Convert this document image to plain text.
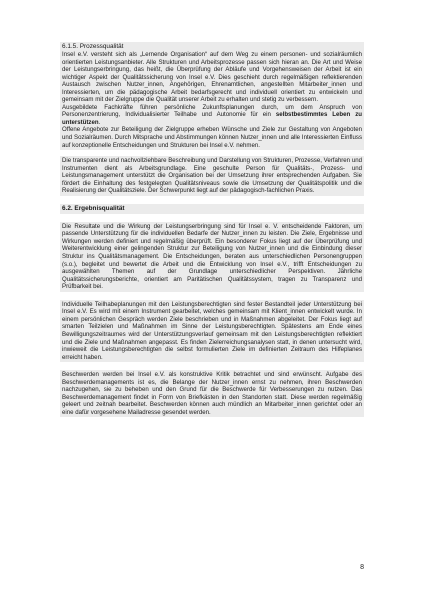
6.1.5. Prozessqualität

Insel e.V. versteht sich als „Lernende Organisation“ auf dem Weg zu einem personen- und sozialräumlich orientierten Leistungsanbieter. Alle Strukturen und Arbeitsprozesse passen sich hieran an. Die Art und Weise der Leistungserbringung, das heißt, die Überprüfung der Abläufe und Vorgehensweisen der Arbeit ist ein wichtiger Aspekt der Qualitätssicherung von Insel e.V. Dies geschieht durch regelmäßigen reflektierenden Austausch zwischen Nutzer_innen, Angehörigen, Ehrenamtlichen, angestellten Mitarbeiter_innen und Interessierten, um die pädagogische Arbeit bedarfsgerecht und individuell orientiert zu entwickeln und gemeinsam mit der Zielgruppe die Qualität unserer Arbeit zu erhalten und stetig zu verbessern.

Ausgebildete Fachkräfte führen persönliche Zukunftsplanungen durch, um dem Anspruch von Personenzentrierung, Individualisierter Teilhabe und Autonomie für ein selbstbestimmtes Leben zu unterstützen.

Offene Angebote zur Beteiligung der Zielgruppe erheben Wünsche und Ziele zur Gestaltung von Angeboten und Sozialräumen. Durch Mitsprache und Abstimmungen können Nutzer_innen und alle Interessierten Einfluss auf konzeptionelle Entscheidungen und Strukturen bei Insel e.V. nehmen.

Die transparente und nachvollziehbare Beschreibung und Darstellung von Strukturen, Prozesse, Verfahren und Instrumenten dient als Arbeitsgrundlage. Eine geschulte Person für Qualitäts-, Prozess- und Leistungsmanagement unterstützt die Organisation bei der Umsetzung ihrer entsprechenden Aufgaben. Sie fördert die Einhaltung des festgelegten Qualitätsniveaus sowie die Umsetzung der Qualitätspolitik und die Realisierung der Qualitätsziele. Der Schwerpunkt liegt auf der pädagogisch-fachlichen Praxis.

6.2. Ergebnisqualität

Die Resultate und die Wirkung der Leistungserbringung sind für Insel e. V. entscheidende Faktoren, um passende Unterstützung für die individuellen Bedarfe der Nutzer_innen zu leisten. Die Ziele, Ergebnisse und Wirkungen werden definiert und regelmäßig überprüft. Ein besonderer Fokus liegt auf der Überprüfung und Weiterentwicklung einer gelingenden Struktur zur Beteiligung von Nutzer_innen und die Einbindung dieser Struktur ins Qualitätsmanagement. Die Entscheidungen, beraten aus unterschiedlichen Personengruppen (s.o.), begleitet und bewertet die Arbeit und die Entwicklung von Insel e.V., trifft Entscheidungen zu ausgewählten Themen auf der Grundlage unterschiedlicher Perspektiven. Jährliche Qualitätssicherungsberichte, orientiert am Paritätischen Qualitätssystem, tragen zu Transparenz und Prüfbarkeit bei.

Individuelle Teilhabeplanungen mit den Leistungsberechtigten sind fester Bestandteil jeder Unterstützung bei Insel e.V. Es wird mit einem Instrument gearbeitet, welches gemeinsam mit Klient_innen entwickelt wurde. In einem persönlichen Gespräch werden Ziele beschrieben und in Maßnahmen abgeleitet. Der Fokus liegt auf smarten Teilzielen und Maßnahmen im Sinne der Leistungsberechtigten. Spätestens am Ende eines Bewilligungszeitraumes wird der Unterstützungsverlauf gemeinsam mit den Leistungsberechtigten reflektiert und die Ziele und Maßnahmen angepasst. Es finden Zielerreichungsanalysen statt, in denen untersucht wird, inwieweit die Leistungsberechtigten die selbst formulierten Ziele im definierten Zeitraum des Hilfeplanes erreicht haben.

Beschwerden werden bei Insel e.V. als konstruktive Kritik betrachtet und sind erwünscht. Aufgabe des Beschwerdemanagements ist es, die Belange der Nutzer_innen ernst zu nehmen, ihren Beschwerden nachzugehen, sie zu beheben und den Grund für die Beschwerde für Verbesserungen zu nutzen. Das Beschwerdemanagement findet in Form von Briefkästen in den Standorten statt. Diese werden regelmäßig geleert und zeitnah bearbeitet. Beschwerden können auch mündlich an Mitarbeiter_innen gerichtet oder an eine dafür vorgesehene Mailadresse gesendet werden.

8
